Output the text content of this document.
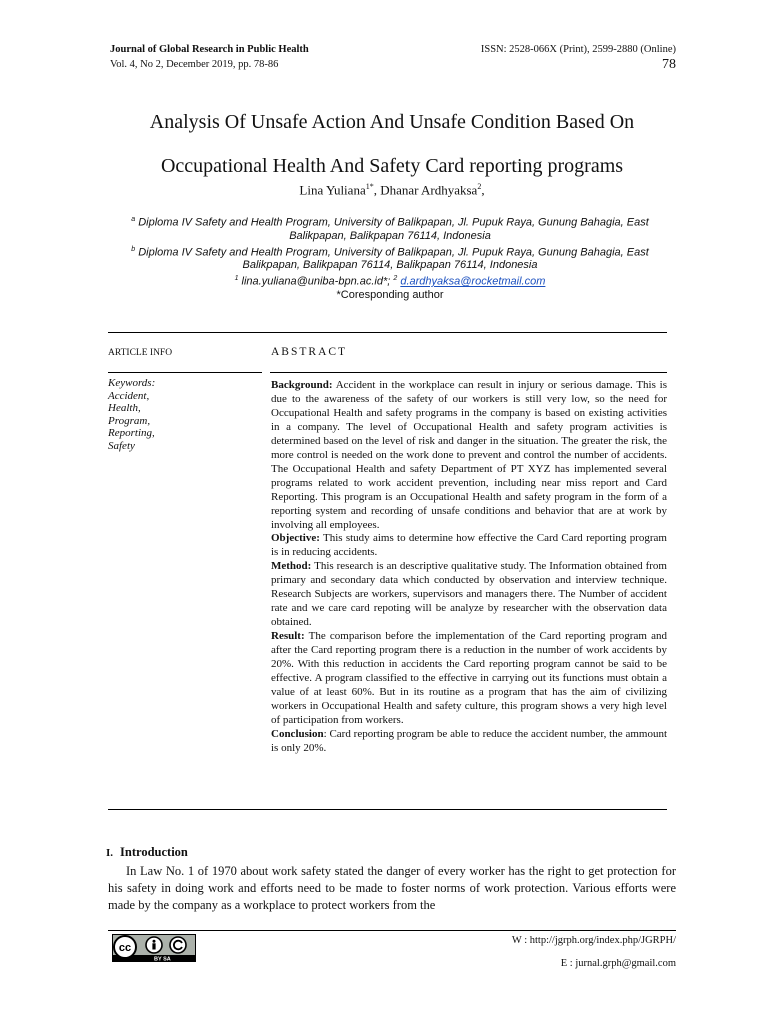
Journal of Global Research in Public Health
Vol. 4, No 2, December 2019, pp. 78-86
ISSN: 2528-066X (Print), 2599-2880 (Online)
78
Analysis Of Unsafe Action And Unsafe Condition Based On
Occupational Health And Safety Card reporting programs
Lina Yuliana$^{1*}$, Dhanar Ardhyaksa$^2$,
$^a$ Diploma IV Safety and Health Program, University of Balikpapan, Jl. Pupuk Raya, Gunung Bahagia, East
Balikpapan, Balikpapan 76114, Indonesia
$^b$ Diploma IV Safety and Health Program, University of Balikpapan, Jl. Pupuk Raya, Gunung Bahagia, East
Balikpapan, Balikpapan 76114, Balikpapan 76114, Indonesia
$^1$ lina.yuliana@uniba-bpn.ac.id*; $^2$ d.ardhyaksa@rocketmail.com
*Coresponding author
ARTICLE INFO	ABSTRACT
Keywords:
Accident,
Health,
Program,
Reporting,
Safety

Background: Accident in the workplace can result in injury or serious damage. This is due to the awareness of the safety of our workers is still very low, so the need for Occupational Health and safety programs in the company is based on existing activities in a company. The level of Occupational Health and safety program activities is determined based on the level of risk and danger in the situation. The greater the risk, the more control is needed on the work done to prevent and control the number of accidents. The Occupational Health and safety Department of PT XYZ has implemented several programs related to work accident prevention, including near miss report and Card Reporting. This program is an Occupational Health and safety program in the form of a reporting system and recording of unsafe conditions and behavior that are at work by involving all employees.

Objective: This study aims to determine how effective the Card Card reporting program is in reducing accidents.

Method: This research is an descriptive qualitative study. The Information obtained from primary and secondary data which conducted by observation and interview technique. Research Subjects are workers, supervisors and managers there. The Number of accident rate and we care card repoting will be analyze by researcher with the observation data obtained.

Result: The comparison before the implementation of the Card reporting program and after the Card reporting program there is a reduction in the number of work accidents by 20%. With this reduction in accidents the Card reporting program cannot be said to be effective. A program classified to the effective in carrying out its functions must obtain a value of at least 60%. But in its routine as a program that has the aim of civilizing workers in Occupational Health and safety culture, this program shows a very high level of participation from workers.

Conclusion: Card reporting program be able to reduce the accident number, the ammount is only 20%.

I. Introduction

In Law No. 1 of 1970 about work safety stated the danger of every worker has the right to get protection for his safety in doing work and efforts need to be made to foster norms of work protection. Various efforts were made by the company as a workplace to protect workers from the

cc
BY SA
W : http://jgrph.org/index.php/JGRPH/
E : jurnal.grph@gmail.com
